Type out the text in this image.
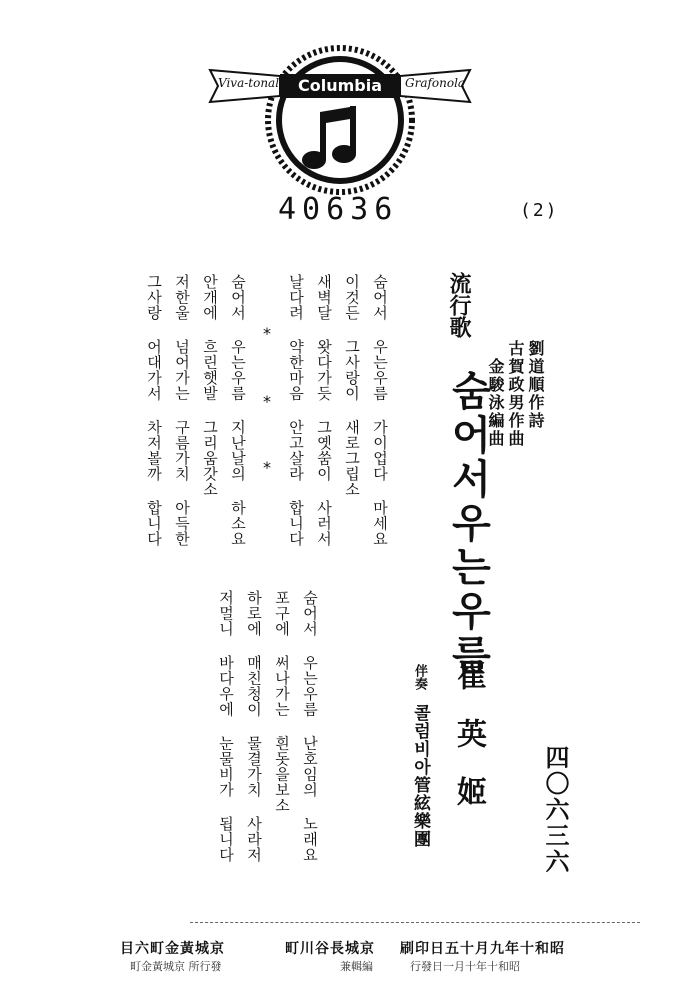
Viva-tonal Columbia Grafonola
40636	(2)
流行歌
숨어서우는우름	劉道順作詩
古賀政男作曲
金駿泳編曲
崔英姬
伴奏
콜럼비아管絃樂團	四〇六三六
숨어서 우는우름 가이업다 마세요
이것든 그사랑이 새로그립소
새벽달 왓다가듯 그옛쑴이 사러서
날다려 약한마음 안고살라 합니다
*
*
*
숨어서 우는우름 지난날의 하소요
안개에 흐린햇발 그리움갓소
저한울 넘어가는 구름가치 아득한
그사랑 어대가서 차저볼까 합니다
숨어서 우는우름 난호임의 노래요
포구에 써나가는 흰돗을보소
하로에 매친청이 물결가치 사라저
저멀니 바다우에 눈물비가 됩니다
昭和十年九月十五日印刷
京城長谷川町
京城黃金町六目
昭和十年十月一日發行
編輯兼
發行所 京城黃金町
